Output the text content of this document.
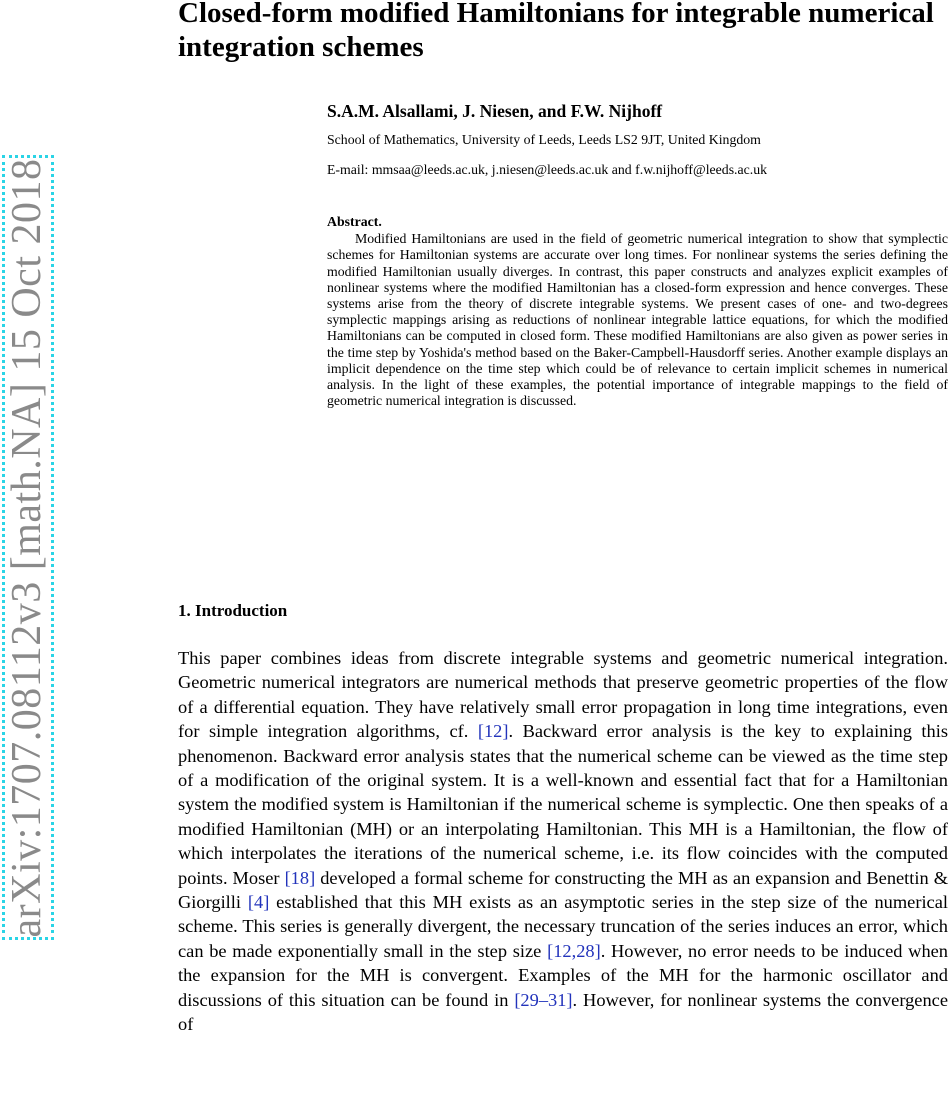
arXiv:1707.08112v3 [math.NA] 15 Oct 2018
Closed-form modified Hamiltonians for integrable numerical integration schemes

S.A.M. Alsallami, J. Niesen, and F.W. Nijhoff

School of Mathematics, University of Leeds, Leeds LS2 9JT, United Kingdom

E-mail: mmsaa@leeds.ac.uk, j.niesen@leeds.ac.uk and f.w.nijhoff@leeds.ac.uk

Abstract.

Modified Hamiltonians are used in the field of geometric numerical integration to show that symplectic schemes for Hamiltonian systems are accurate over long times. For nonlinear systems the series defining the modified Hamiltonian usually diverges. In contrast, this paper constructs and analyzes explicit examples of nonlinear systems where the modified Hamiltonian has a closed-form expression and hence converges. These systems arise from the theory of discrete integrable systems. We present cases of one- and two-degrees symplectic mappings arising as reductions of nonlinear integrable lattice equations, for which the modified Hamiltonians can be computed in closed form. These modified Hamiltonians are also given as power series in the time step by Yoshida's method based on the Baker-Campbell-Hausdorff series. Another example displays an implicit dependence on the time step which could be of relevance to certain implicit schemes in numerical analysis. In the light of these examples, the potential importance of integrable mappings to the field of geometric numerical integration is discussed.

1. Introduction

This paper combines ideas from discrete integrable systems and geometric numerical integration. Geometric numerical integrators are numerical methods that preserve geometric properties of the flow of a differential equation. They have relatively small error propagation in long time integrations, even for simple integration algorithms, cf. [12]. Backward error analysis is the key to explaining this phenomenon. Backward error analysis states that the numerical scheme can be viewed as the time step of a modification of the original system. It is a well-known and essential fact that for a Hamiltonian system the modified system is Hamiltonian if the numerical scheme is symplectic. One then speaks of a modified Hamiltonian (MH) or an interpolating Hamiltonian. This MH is a Hamiltonian, the flow of which interpolates the iterations of the numerical scheme, i.e. its flow coincides with the computed points. Moser [18] developed a formal scheme for constructing the MH as an expansion and Benettin & Giorgilli [4] established that this MH exists as an asymptotic series in the step size of the numerical scheme. This series is generally divergent, the necessary truncation of the series induces an error, which can be made exponentially small in the step size [12,28]. However, no error needs to be induced when the expansion for the MH is convergent. Examples of the MH for the harmonic oscillator and discussions of this situation can be found in [29–31]. However, for nonlinear systems the convergence of
